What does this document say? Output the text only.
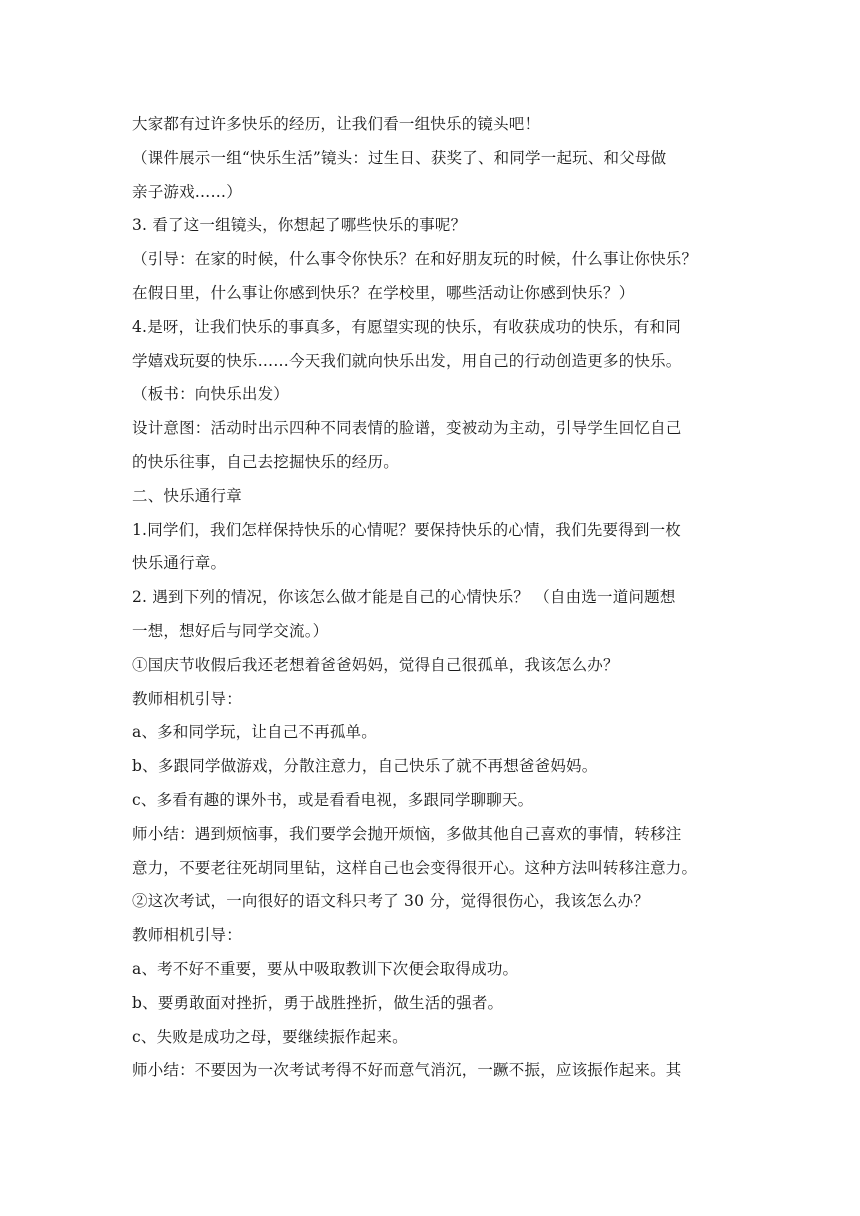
大家都有过许多快乐的经历，让我们看一组快乐的镜头吧！
（课件展示一组“快乐生活”镜头：过生日、获奖了、和同学一起玩、和父母做
亲子游戏……）
3. 看了这一组镜头，你想起了哪些快乐的事呢？
（引导：在家的时候，什么事令你快乐？在和好朋友玩的时候，什么事让你快乐？
在假日里，什么事让你感到快乐？在学校里，哪些活动让你感到快乐？）
4.是呀，让我们快乐的事真多，有愿望实现的快乐，有收获成功的快乐，有和同
学嬉戏玩耍的快乐……今天我们就向快乐出发，用自己的行动创造更多的快乐。
（板书：向快乐出发）
设计意图：活动时出示四种不同表情的脸谱，变被动为主动，引导学生回忆自己
的快乐往事，自己去挖掘快乐的经历。
二、快乐通行章
1.同学们，我们怎样保持快乐的心情呢？要保持快乐的心情，我们先要得到一枚
快乐通行章。
2. 遇到下列的情况，你该怎么做才能是自己的心情快乐？ （自由选一道问题想
一想，想好后与同学交流。）
①国庆节收假后我还老想着爸爸妈妈，觉得自己很孤单，我该怎么办？
教师相机引导：
a、多和同学玩，让自己不再孤单。
b、多跟同学做游戏，分散注意力，自己快乐了就不再想爸爸妈妈。
c、多看有趣的课外书，或是看看电视，多跟同学聊聊天。
师小结：遇到烦恼事，我们要学会抛开烦恼，多做其他自己喜欢的事情，转移注
意力，不要老往死胡同里钻，这样自己也会变得很开心。这种方法叫转移注意力。
②这次考试，一向很好的语文科只考了 30 分，觉得很伤心，我该怎么办？
教师相机引导：
a、考不好不重要，要从中吸取教训下次便会取得成功。
b、要勇敢面对挫折，勇于战胜挫折，做生活的强者。
c、失败是成功之母，要继续振作起来。
师小结：不要因为一次考试考得不好而意气消沉，一蹶不振，应该振作起来。其
